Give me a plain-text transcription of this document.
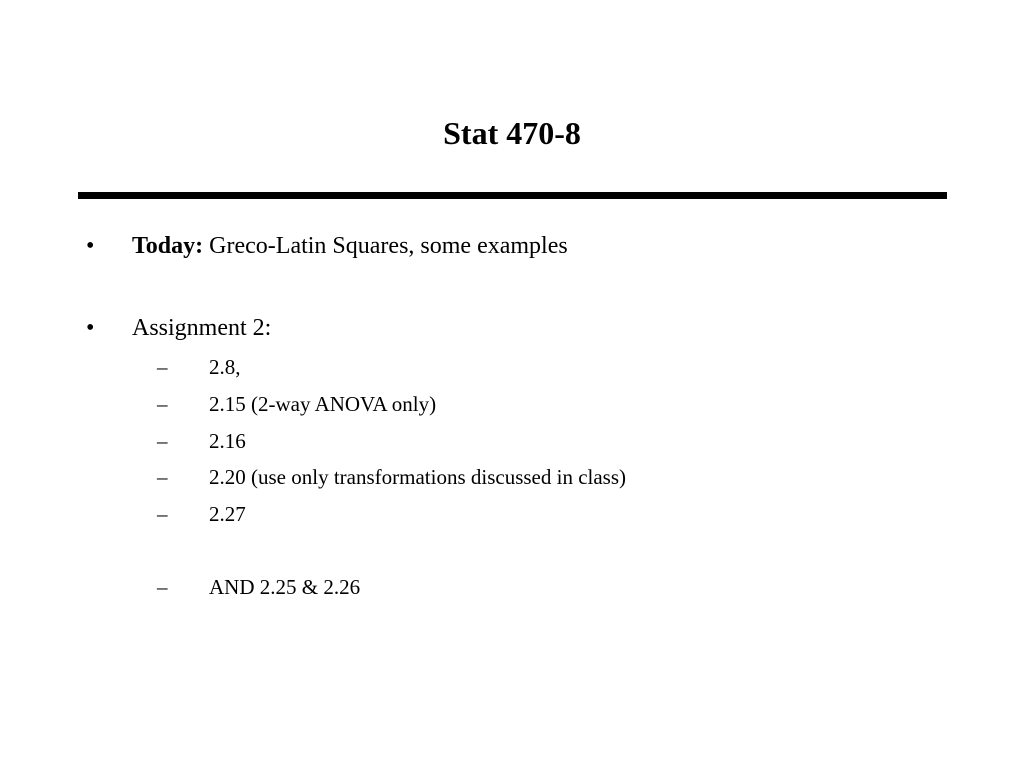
Stat 470-8
• Today: Greco-Latin Squares, some examples
• Assignment 2:
– 2.8,
– 2.15 (2-way ANOVA only)
– 2.16
– 2.20 (use only transformations discussed in class)
– 2.27
– AND 2.25 & 2.26
